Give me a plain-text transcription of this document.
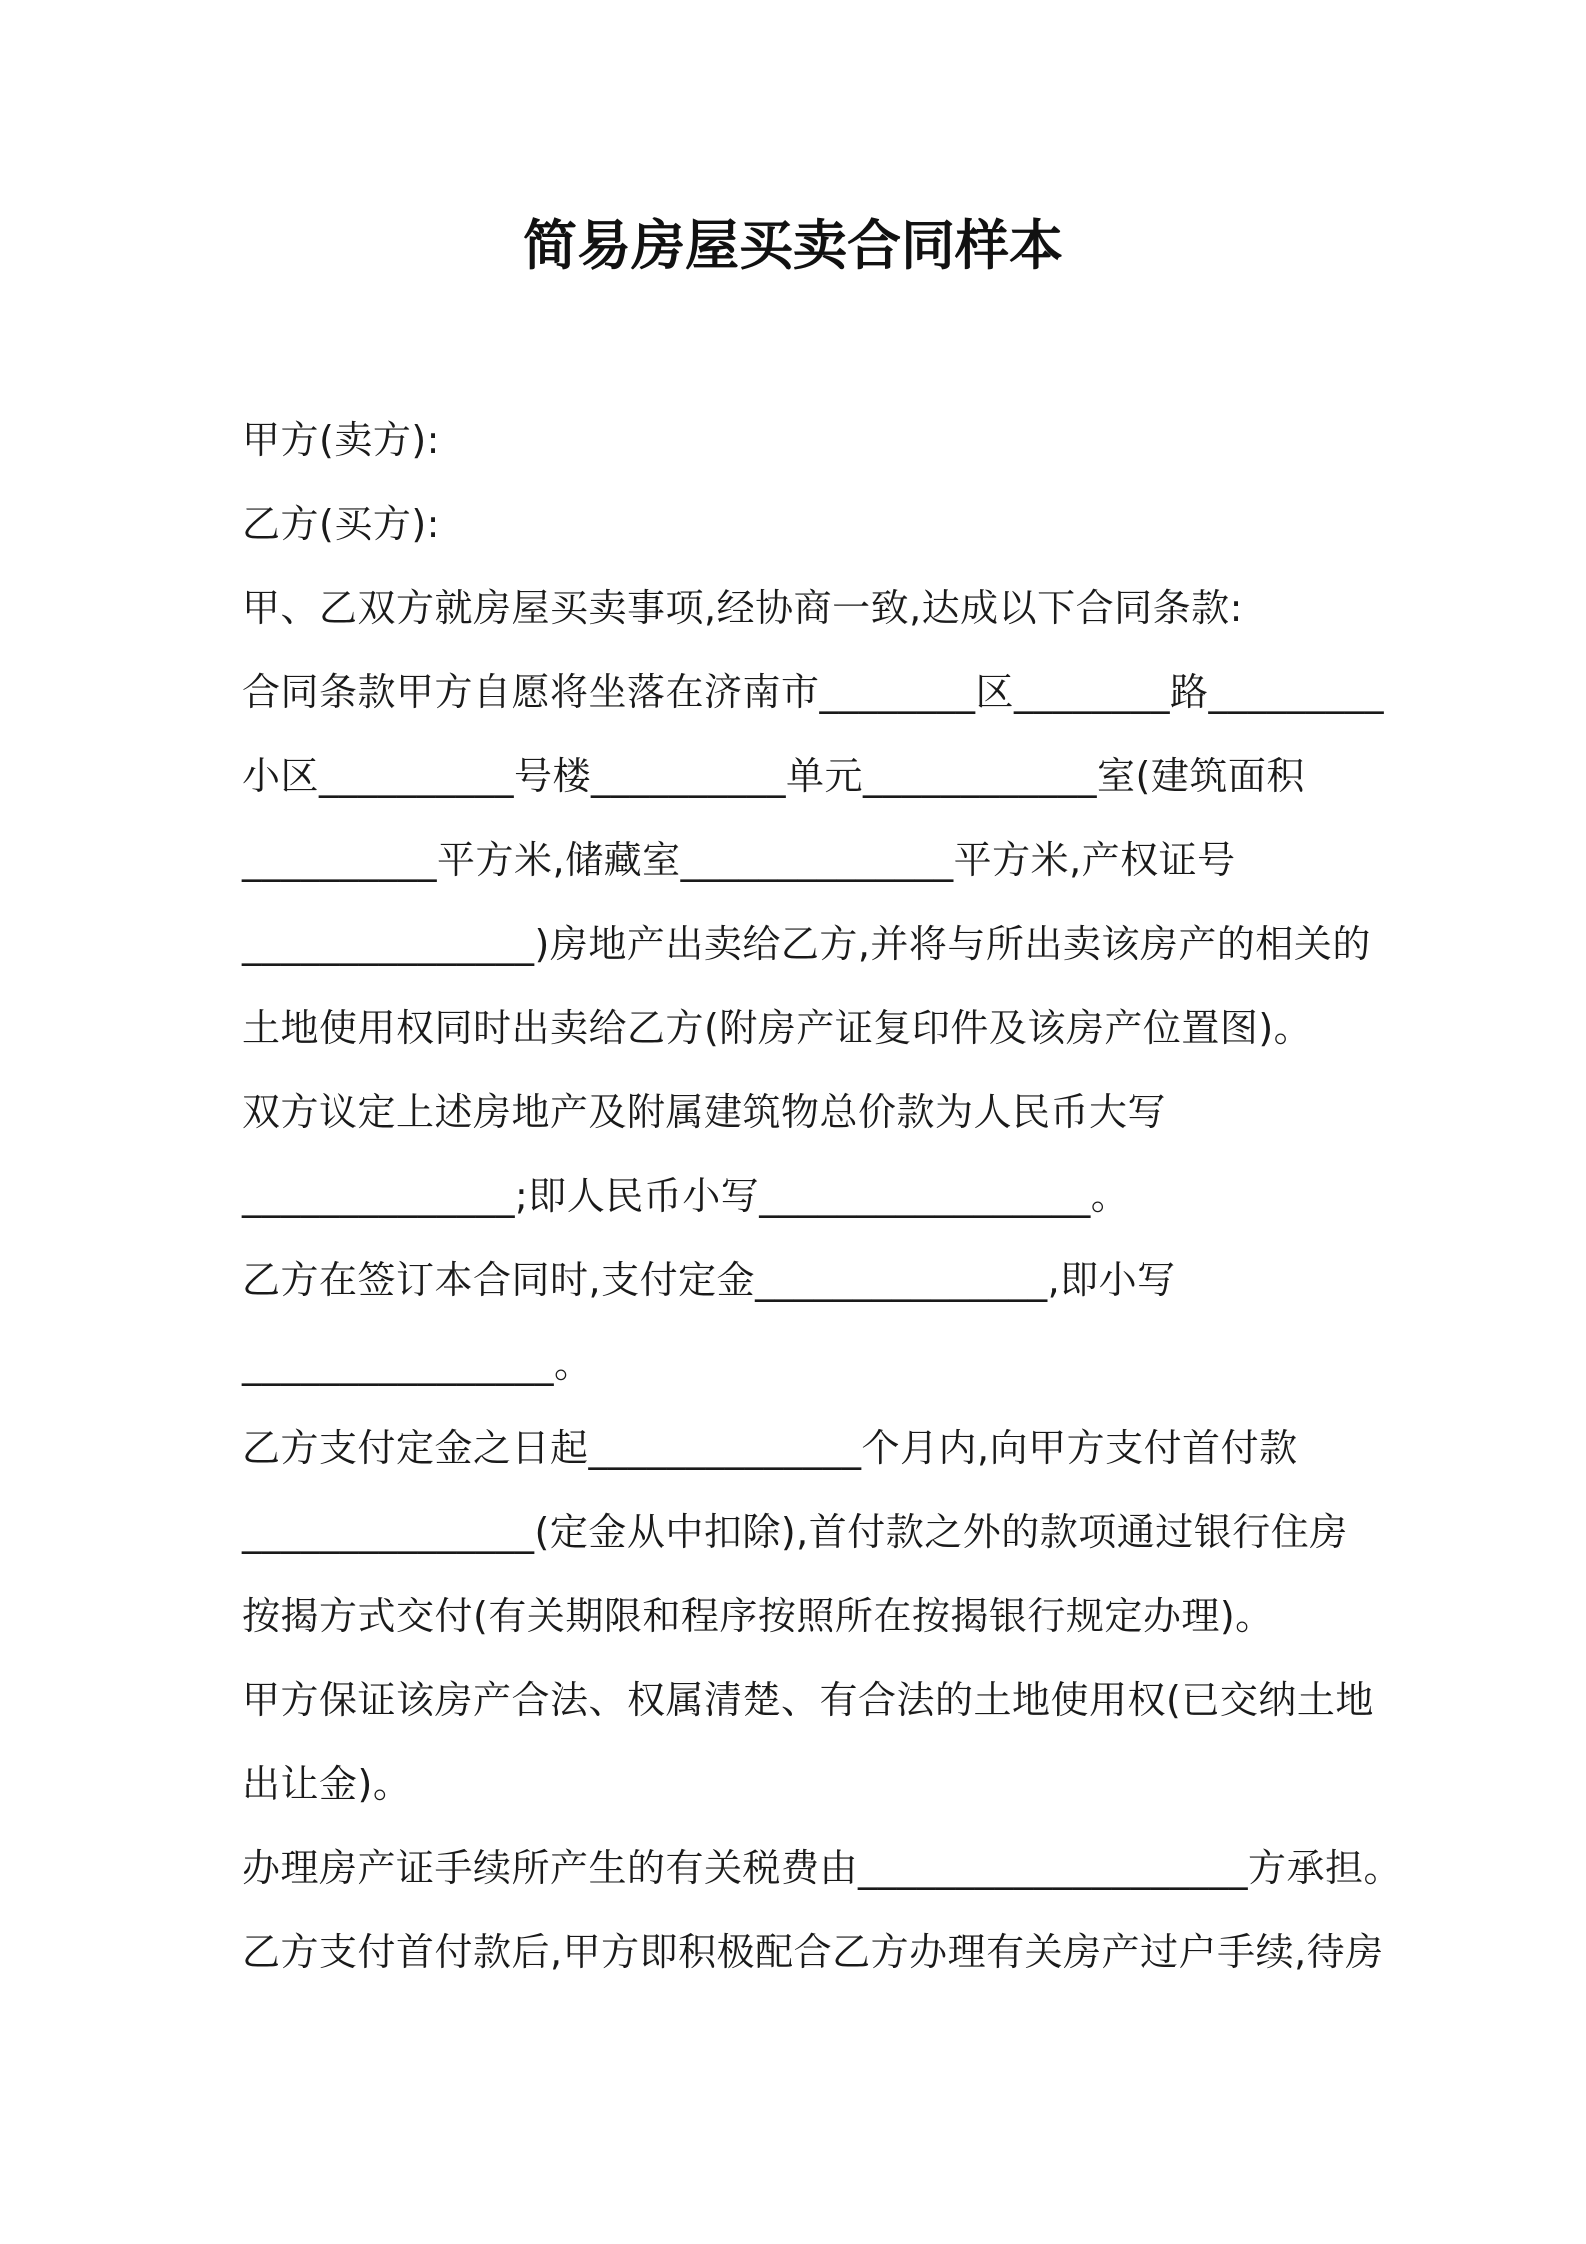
简易房屋买卖合同样本
甲方(卖方):
乙方(买方):
甲、乙双方就房屋买卖事项,经协商一致,达成以下合同条款:
合同条款甲方自愿将坐落在济南市________区________路_________
小区__________号楼__________单元____________室(建筑面积
__________平方米,储藏室______________平方米,产权证号
_______________)房地产出卖给乙方,并将与所出卖该房产的相关的
土地使用权同时出卖给乙方(附房产证复印件及该房产位置图)。
双方议定上述房地产及附属建筑物总价款为人民币大写
______________;即人民币小写_________________。
乙方在签订本合同时,支付定金_______________,即小写
________________。
乙方支付定金之日起______________个月内,向甲方支付首付款
_______________(定金从中扣除),首付款之外的款项通过银行住房
按揭方式交付(有关期限和程序按照所在按揭银行规定办理)。
甲方保证该房产合法、权属清楚、有合法的土地使用权(已交纳土地
出让金)。
办理房产证手续所产生的有关税费由____________________方承担。
乙方支付首付款后,甲方即积极配合乙方办理有关房产过户手续,待房
